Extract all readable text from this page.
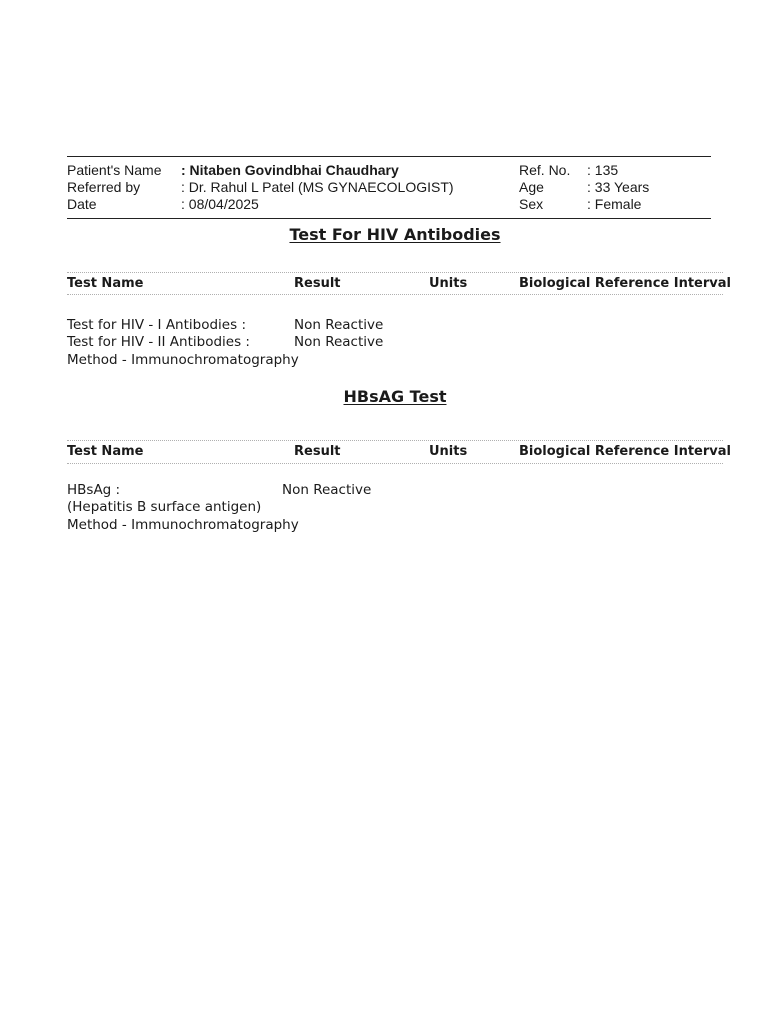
Patient's Name : Nitaben Govindbhai Chaudhary	Ref. No. : 135
Referred by	: Dr. Rahul L Patel (MS GYNAECOLOGIST)	Age	: 33 Years
Date	: 08/04/2025	Sex	: Female
Test For HIV Antibodies
Test Name	Result	Units	Biological Reference Interval
Test for HIV - I Antibodies :	Non Reactive
Test for HIV - II Antibodies :	Non Reactive
Method - Immunochromatography
HBsAG Test
Test Name	Result	Units	Biological Reference Interval
HBsAg :	Non Reactive
(Hepatitis B surface antigen)
Method - Immunochromatography
